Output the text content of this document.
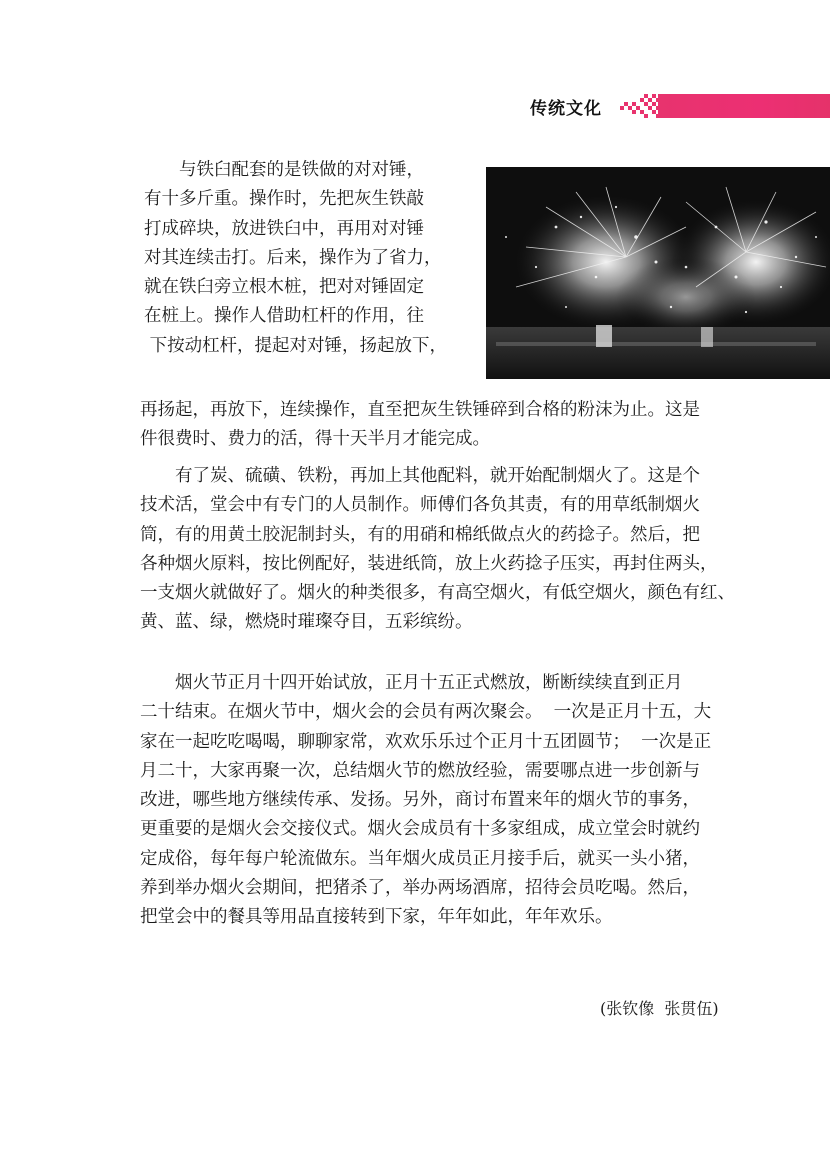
传统文化

与铁臼配套的是铁做的对对锤，

有十多斤重。操作时，先把灰生铁敲

打成碎块，放进铁臼中，再用对对锤

对其连续击打。后来，操作为了省力，

就在铁臼旁立根木桩，把对对锤固定

在桩上。操作人借助杠杆的作用，往

下按动杠杆，提起对对锤，扬起放下，

再扬起，再放下，连续操作，直至把灰生铁锤碎到合格的粉沫为止。这是

件很费时、费力的活，得十天半月才能完成。

有了炭、硫磺、铁粉，再加上其他配料，就开始配制烟火了。这是个

技术活，堂会中有专门的人员制作。师傅们各负其责，有的用草纸制烟火

筒，有的用黄土胶泥制封头，有的用硝和棉纸做点火的药捻子。然后，把

各种烟火原料，按比例配好，装进纸筒，放上火药捻子压实，再封住两头，

一支烟火就做好了。烟火的种类很多，有高空烟火，有低空烟火，颜色有红、

黄、蓝、绿，燃烧时璀璨夺目，五彩缤纷。

烟火节正月十四开始试放，正月十五正式燃放，断断续续直到正月

二十结束。在烟火节中，烟火会的会员有两次聚会。  一次是正月十五，大

家在一起吃吃喝喝，聊聊家常，欢欢乐乐过个正月十五团圆节；  一次是正

月二十，大家再聚一次，总结烟火节的燃放经验，需要哪点进一步创新与

改进，哪些地方继续传承、发扬。另外，商讨布置来年的烟火节的事务，

更重要的是烟火会交接仪式。烟火会成员有十多家组成，成立堂会时就约

定成俗，每年每户轮流做东。当年烟火成员正月接手后，就买一头小猪，

养到举办烟火会期间，把猪杀了，举办两场酒席，招待会员吃喝。然后，

把堂会中的餐具等用品直接转到下家，年年如此，年年欢乐。

(张钦像  张贯伍)
